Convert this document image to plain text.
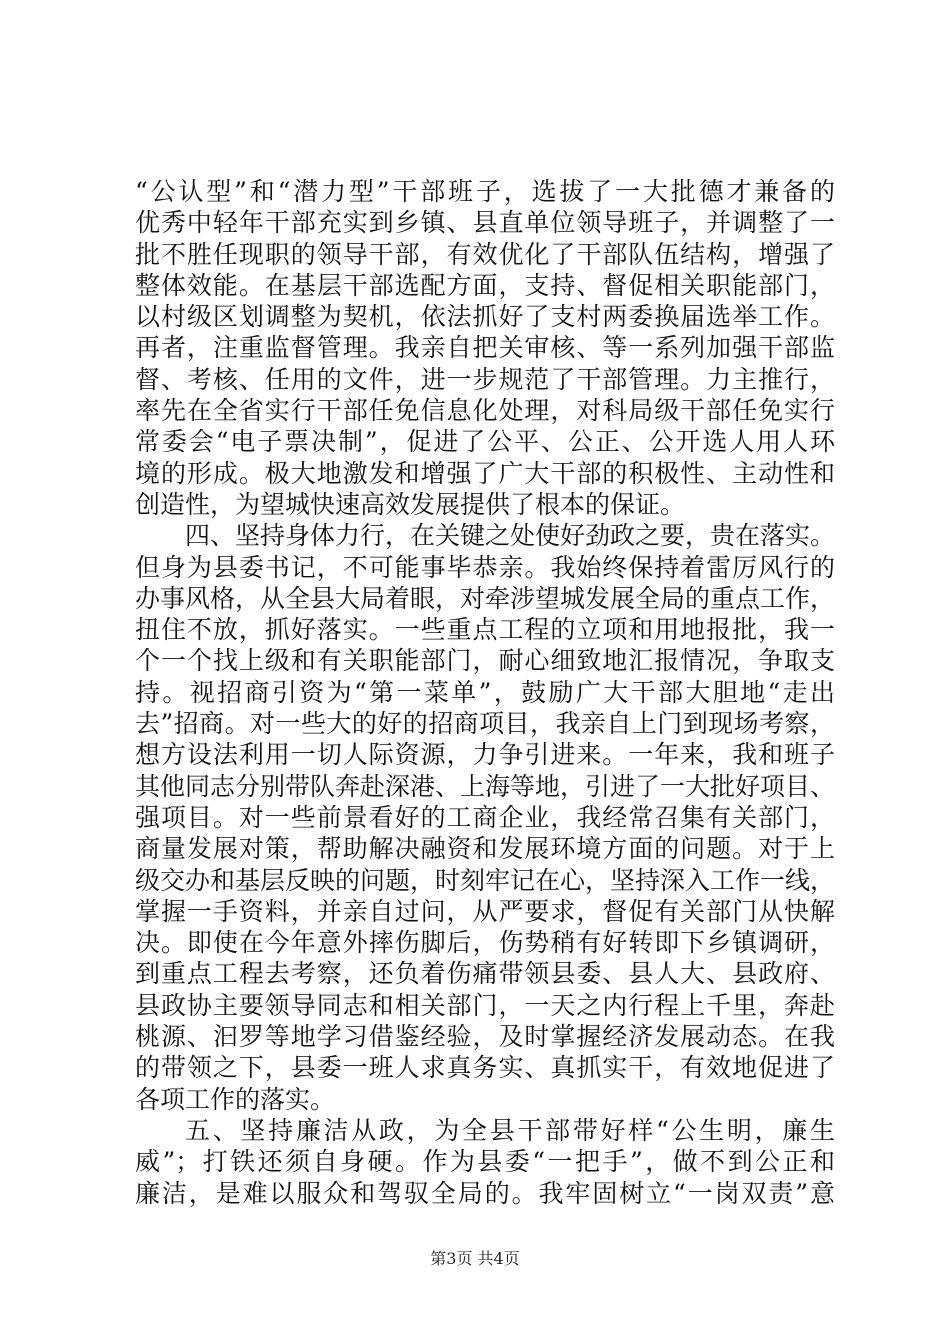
“公认型”和“潜力型”干部班子，选拔了一大批德才兼备的
优秀中轻年干部充实到乡镇、县直单位领导班子，并调整了一
批不胜任现职的领导干部，有效优化了干部队伍结构，增强了
整体效能。在基层干部选配方面，支持、督促相关职能部门，
以村级区划调整为契机，依法抓好了支村两委换届选举工作。
再者，注重监督管理。我亲自把关审核、等一系列加强干部监
督、考核、任用的文件，进一步规范了干部管理。力主推行，
率先在全省实行干部任免信息化处理，对科局级干部任免实行
常委会“电子票决制”，促进了公平、公正、公开选人用人环
境的形成。极大地激发和增强了广大干部的积极性、主动性和
创造性，为望城快速高效发展提供了根本的保证。
四、坚持身体力行，在关键之处使好劲政之要，贵在落实。
但身为县委书记，不可能事毕恭亲。我始终保持着雷厉风行的
办事风格，从全县大局着眼，对牵涉望城发展全局的重点工作，
扭住不放，抓好落实。一些重点工程的立项和用地报批，我一
个一个找上级和有关职能部门，耐心细致地汇报情况，争取支
持。视招商引资为“第一菜单”，鼓励广大干部大胆地“走出
去”招商。对一些大的好的招商项目，我亲自上门到现场考察，
想方设法利用一切人际资源，力争引进来。一年来，我和班子
其他同志分别带队奔赴深港、上海等地，引进了一大批好项目、
强项目。对一些前景看好的工商企业，我经常召集有关部门，
商量发展对策，帮助解决融资和发展环境方面的问题。对于上
级交办和基层反映的问题，时刻牢记在心，坚持深入工作一线，
掌握一手资料，并亲自过问，从严要求，督促有关部门从快解
决。即使在今年意外摔伤脚后，伤势稍有好转即下乡镇调研，
到重点工程去考察，还负着伤痛带领县委、县人大、县政府、
县政协主要领导同志和相关部门，一天之内行程上千里，奔赴
桃源、汩罗等地学习借鉴经验，及时掌握经济发展动态。在我
的带领之下，县委一班人求真务实、真抓实干，有效地促进了
各项工作的落实。
五、坚持廉洁从政，为全县干部带好样“公生明，廉生
威”；打铁还须自身硬。作为县委“一把手”，做不到公正和
廉洁，是难以服众和驾驭全局的。我牢固树立“一岗双责”意
第3页 共4页
